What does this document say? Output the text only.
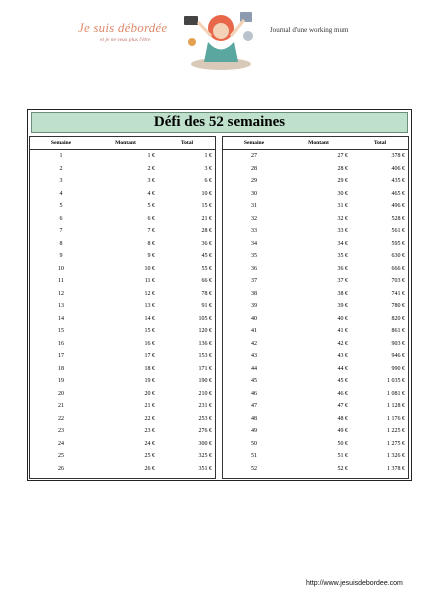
Je suis débordée
et je ne veux plus l'être
Journal d'une working mum
Défi des 52 semaines
Semaine	Montant	Total
1	1 €	1 €
2	2 €	3 €
3	3 €	6 €
4	4 €	10 €
5	5 €	15 €
6	6 €	21 €
7	7 €	28 €
8	8 €	36 €
9	9 €	45 €
10	10 €	55 €
11	11 €	66 €
12	12 €	78 €
13	13 €	91 €
14	14 €	105 €
15	15 €	120 €
16	16 €	136 €
17	17 €	153 €
18	18 €	171 €
19	19 €	190 €
20	20 €	210 €
21	21 €	231 €
22	22 €	253 €
23	23 €	276 €
24	24 €	300 €
25	25 €	325 €
26	26 €	351 €
Semaine	Montant	Total
27	27 €	378 €
28	28 €	406 €
29	29 €	435 €
30	30 €	465 €
31	31 €	496 €
32	32 €	528 €
33	33 €	561 €
34	34 €	595 €
35	35 €	630 €
36	36 €	666 €
37	37 €	703 €
38	38 €	741 €
39	39 €	780 €
40	40 €	820 €
41	41 €	861 €
42	42 €	903 €
43	43 €	946 €
44	44 €	990 €
45	45 €	1 035 €
46	46 €	1 081 €
47	47 €	1 128 €
48	48 €	1 176 €
49	49 €	1 225 €
50	50 €	1 275 €
51	51 €	1 326 €
52	52 €	1 378 €
http://www.jesuisdebordee.com
